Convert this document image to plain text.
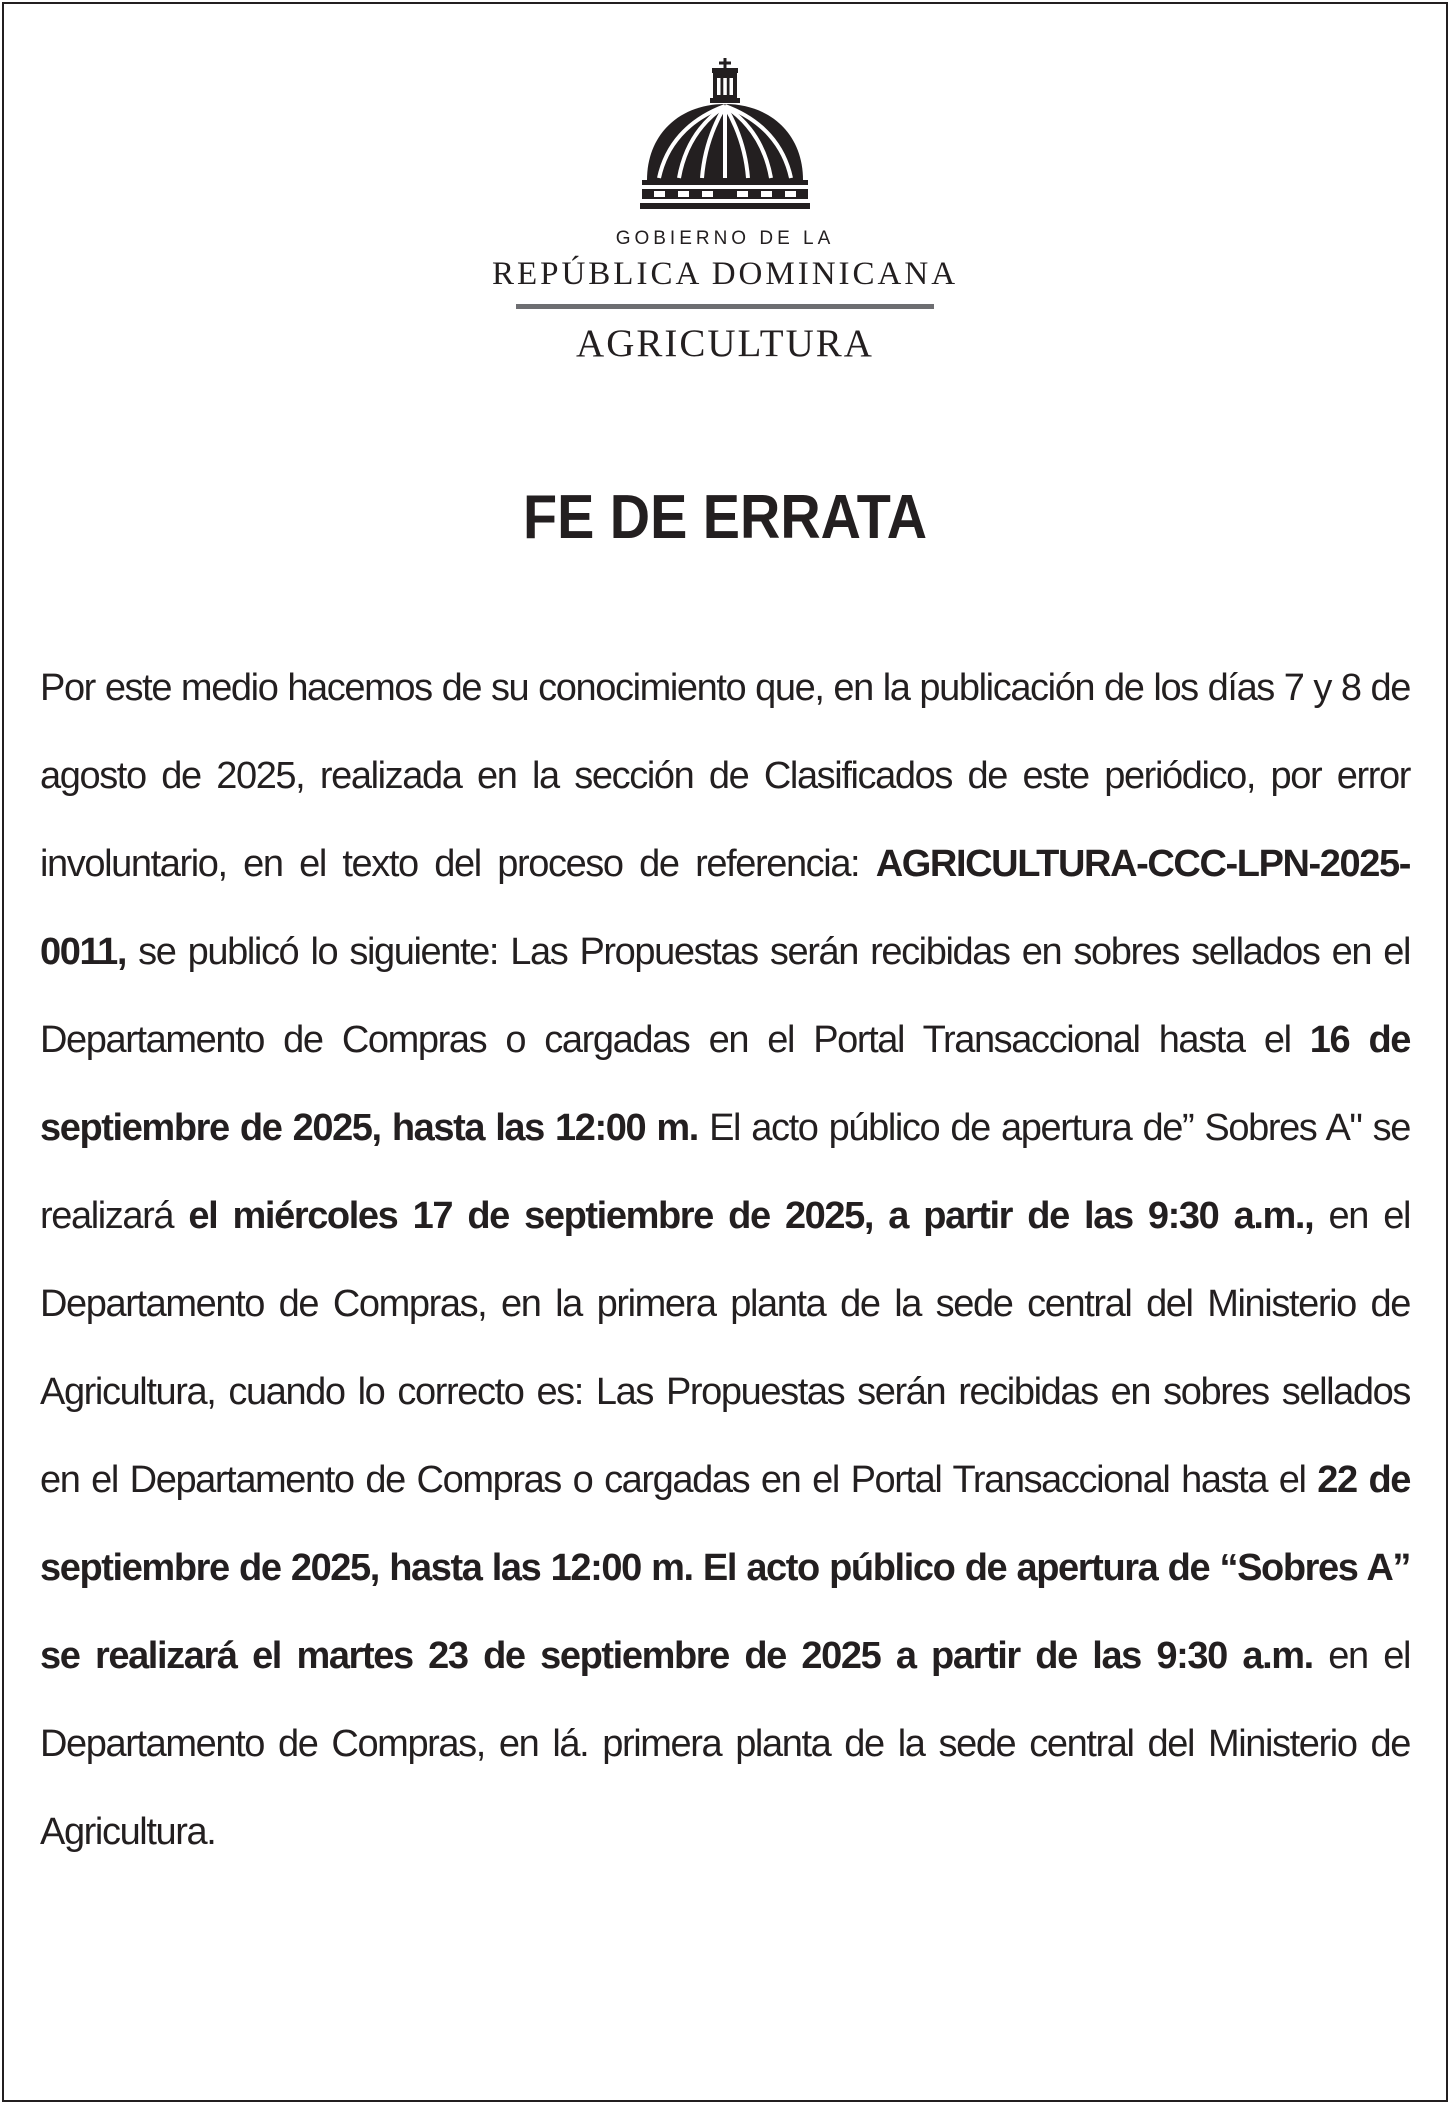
GOBIERNO DE LA
REPÚBLICA DOMINICANA
AGRICULTURA
FE DE ERRATA
Por este medio hacemos de su conocimiento que, en la publicación de los días 7 y 8 de agosto de 2025, realizada en la sección de Clasificados de este periódico, por error involuntario, en el texto del proceso de referencia: AGRICULTURA-CCC-LPN-2025- 0011, se publicó lo siguiente: Las Propuestas serán recibidas en sobres sellados en el Departamento de Compras o cargadas en el Portal Transaccional hasta el 16 de septiembre de 2025, hasta las 12:00 m. El acto público de apertura de” Sobres A" se realizará el miércoles 17 de septiembre de 2025, a partir de las 9:30 a.m., en el Departamento de Compras, en la primera planta de la sede central del Ministerio de Agricultura, cuando lo correcto es: Las Propuestas serán recibidas en sobres sellados en el Departamento de Compras o cargadas en el Portal Transaccional hasta el 22 de septiembre de 2025, hasta las 12:00 m. El acto público de apertura de “Sobres A” se realizará el martes 23 de septiembre de 2025 a partir de las 9:30 a.m. en el Departamento de Compras, en lá. primera planta de la sede central del Ministerio de Agricultura.
